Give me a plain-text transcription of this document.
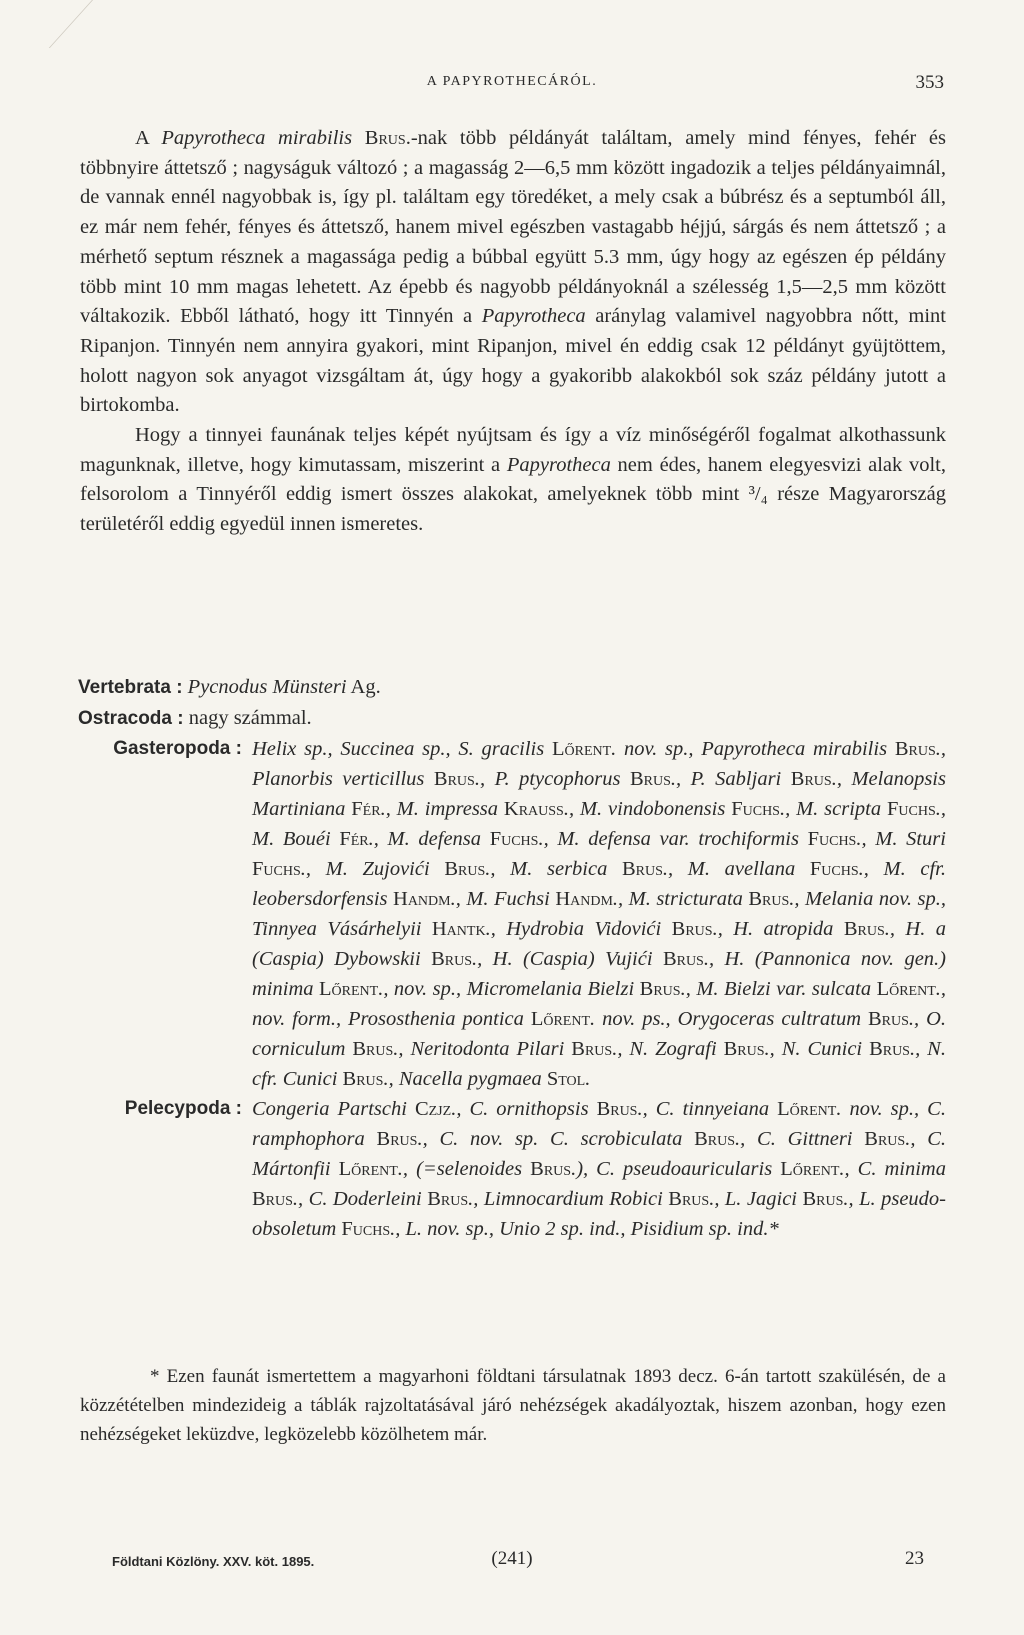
A PAPYROTHECÁRÓL.	353

A Papyrotheca mirabilis Brus.-nak több példányát találtam, amely mind fényes, fehér és többnyire áttetsző ; nagyságuk változó ; a magasság 2—6,5 mm között ingadozik a teljes példányaimnál, de vannak ennél nagyobbak is, így pl. találtam egy töredéket, a mely csak a búbrész és a septumból áll, ez már nem fehér, fényes és áttetsző, hanem mivel egészben vastagabb héjjú, sárgás és nem áttetsző ; a mérhető septum résznek a magassága pedig a búbbal együtt 5.3 mm, úgy hogy az egészen ép példány több mint 10 mm magas lehetett. Az épebb és nagyobb példányoknál a szélesség 1,5—2,5 mm között váltakozik. Ebből látható, hogy itt Tinnyén a Papyrotheca aránylag valamivel nagyobbra nőtt, mint Ripanjon. Tinnyén nem annyira gyakori, mint Ripanjon, mivel én eddig csak 12 példányt gyüjtöttem, holott nagyon sok anyagot vizsgáltam át, úgy hogy a gyakoribb alakokból sok száz példány jutott a birtokomba.

Hogy a tinnyei faunának teljes képét nyújtsam és így a víz minőségéről fogalmat alkothassunk magunknak, illetve, hogy kimutassam, miszerint a Papyrotheca nem édes, hanem elegyesvizi alak volt, felsorolom a Tinnyéről eddig ismert összes alakokat, amelyeknek több mint ³/₄ része Magyarország területéről eddig egyedül innen ismeretes.

Vertebrata : Pycnodus Münsteri Ag.
Ostracoda : nagy számmal.
Gasteropoda : Helix sp., Succinea sp., S. gracilis Lőrent. nov. sp., Papyrotheca mirabilis Brus., Planorbis verticillus Brus., P. ptycophorus Brus., P. Sabljari Brus., Melanopsis Martiniana Fér., M. impressa Krauss., M. vindobonensis Fuchs., M. scripta Fuchs., M. Bouéi Fér., M. defensa Fuchs., M. defensa var. trochiformis Fuchs., M. Sturi Fuchs., M. Zujovići Brus., M. serbica Brus., M. avellana Fuchs., M. cfr. leobersdorfensis Handm., M. Fuchsi Handm., M. stricturata Brus., Melania nov. sp., Tinnyea Vásárhelyii Hantk., Hydrobia Vidovići Brus., H. atropida Brus., H. a (Caspia) Dybowskii Brus., H. (Caspia) Vujići Brus., H. (Pannonica nov. gen.) minima Lőrent., nov. sp., Micromelania Bielzi Brus., M. Bielzi var. sulcata Lőrent., nov. form., Prososthenia pontica Lőrent. nov. ps., Orygoceras cultratum Brus., O. corniculum Brus., Neritodonta Pilari Brus., N. Zografi Brus., N. Cunici Brus., N. cfr. Cunici Brus., Nacella pygmaea Stol.
Pelecypoda : Congeria Partschi Czjz., C. ornithopsis Brus., C. tinnyeiana Lőrent. nov. sp., C. ramphophora Brus., C. nov. sp. C. scrobiculata Brus., C. Gittneri Brus., C. Mártonfii Lőrent., (=selenoides Brus.), C. pseudoauricularis Lőrent., C. minima Brus., C. Doderleini Brus., Limnocardium Robici Brus., L. Jagici Brus., L. pseudo-obsoletum Fuchs., L. nov. sp., Unio 2 sp. ind., Pisidium sp. ind.*

* Ezen faunát ismertettem a magyarhoni földtani társulatnak 1893 decz. 6-án tartott szakülésén, de a közzétételben mindezideig a táblák rajzoltatásával járó nehézségek akadályoztak, hiszem azonban, hogy ezen nehézségeket leküzdve, legközelebb közölhetem már.

Földtani Közlöny. XXV. köt. 1895.	(241)	23
